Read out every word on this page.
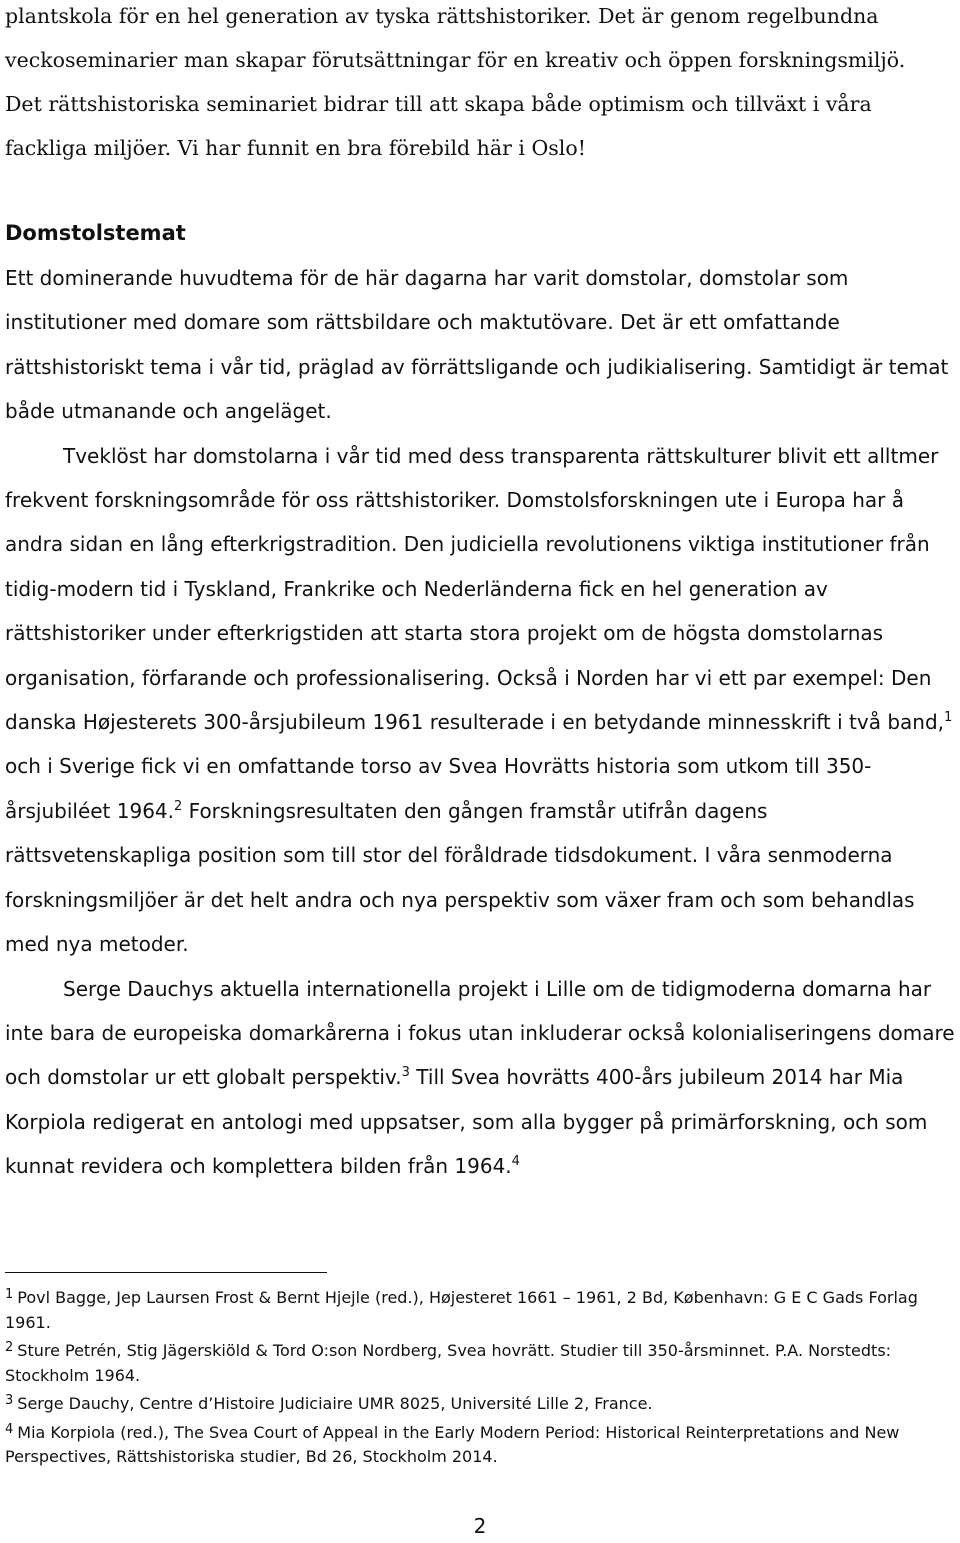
plantskola för en hel generation av tyska rättshistoriker. Det är genom regelbundna
veckoseminarier man skapar förutsättningar för en kreativ och öppen forskningsmiljö.
Det rättshistoriska seminariet bidrar till att skapa både optimism och tillväxt i våra
fackliga miljöer. Vi har funnit en bra förebild här i Oslo!
Domstolstemat

Ett dominerande huvudtema för de här dagarna har varit domstolar, domstolar som institutioner med domare som rättsbildare och maktutövare. Det är ett omfattande rättshistoriskt tema i vår tid, präglad av förrättsligande och judikialisering. Samtidigt är temat både utmanande och angeläget.

Tveklöst har domstolarna i vår tid med dess transparenta rättskulturer blivit ett alltmer frekvent forskningsområde för oss rättshistoriker. Domstolsforskningen ute i Europa har å andra sidan en lång efterkrigstradition. Den judiciella revolutionens viktiga institutioner från tidig-modern tid i Tyskland, Frankrike och Nederländerna fick en hel generation av rättshistoriker under efterkrigstiden att starta stora projekt om de högsta domstolarnas organisation, förfarande och professionalisering. Också i Norden har vi ett par exempel: Den danska Højesterets 300-årsjubileum 1961 resulterade i en betydande minnesskrift i två band,$^1$ och i Sverige fick vi en omfattande torso av Svea Hovrätts historia som utkom till 350-årsjubiléet 1964.$^2$ Forskningsresultaten den gången framstår utifrån dagens rättsvetenskapliga position som till stor del föråldrade tidsdokument. I våra senmoderna forskningsmiljöer är det helt andra och nya perspektiv som växer fram och som behandlas med nya metoder.

Serge Dauchys aktuella internationella projekt i Lille om de tidigmoderna domarna har inte bara de europeiska domarkårerna i fokus utan inkluderar också kolonialiseringens domare och domstolar ur ett globalt perspektiv.$^3$ Till Svea hovrätts 400-års jubileum 2014 har Mia Korpiola redigerat en antologi med uppsatser, som alla bygger på primärforskning, och som kunnat revidera och komplettera bilden från 1964.$^4$

$^1$ Povl Bagge, Jep Laursen Frost & Bernt Hjejle (red.), Højesteret 1661 – 1961, 2 Bd, København: G E C Gads Forlag 1961.

$^2$ Sture Petrén, Stig Jägerskiöld & Tord O:son Nordberg, Svea hovrätt. Studier till 350-årsminnet. P.A. Norstedts: Stockholm 1964.

$^3$ Serge Dauchy, Centre d’Histoire Judiciaire UMR 8025, Université Lille 2, France.

$^4$ Mia Korpiola (red.), The Svea Court of Appeal in the Early Modern Period: Historical Reinterpretations and New Perspectives, Rättshistoriska studier, Bd 26, Stockholm 2014.

2
